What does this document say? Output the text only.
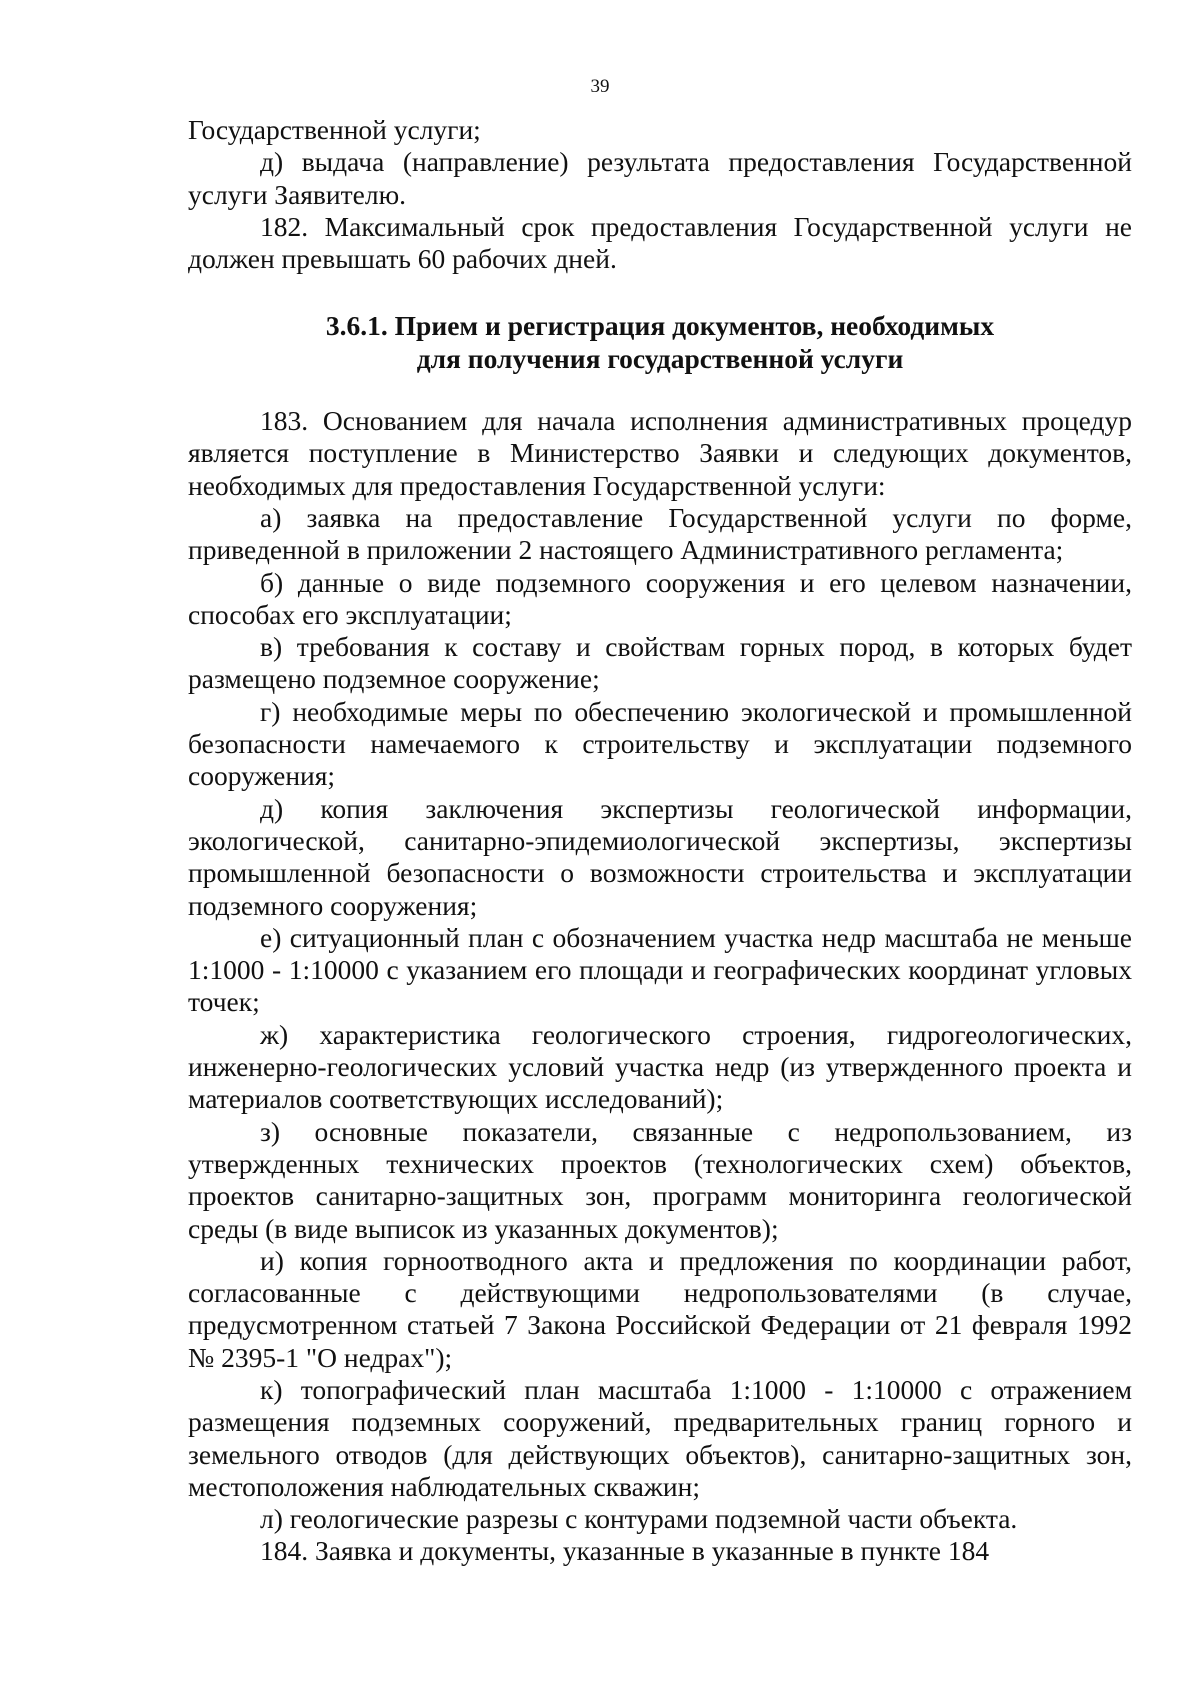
39

Государственной услуги;

д) выдача (направление) результата предоставления Государственной услуги Заявителю.

182. Максимальный срок предоставления Государственной услуги не должен превышать 60 рабочих дней.

3.6.1. Прием и регистрация документов, необходимых

для получения государственной услуги

183. Основанием для начала исполнения административных процедур является поступление в Министерство Заявки и следующих документов, необходимых для предоставления Государственной услуги:

а) заявка на предоставление Государственной услуги по форме, приведенной в приложении 2 настоящего Административного регламента;

б) данные о виде подземного сооружения и его целевом назначении, способах его эксплуатации;

в) требования к составу и свойствам горных пород, в которых будет размещено подземное сооружение;

г) необходимые меры по обеспечению экологической и промышленной безопасности намечаемого к строительству и эксплуатации подземного сооружения;

д) копия заключения экспертизы геологической информации, экологической, санитарно-эпидемиологической экспертизы, экспертизы промышленной безопасности о возможности строительства и эксплуатации подземного сооружения;

е) ситуационный план с обозначением участка недр масштаба не меньше 1:1000 - 1:10000 с указанием его площади и географических координат угловых точек;

ж) характеристика геологического строения, гидрогеологических, инженерно-геологических условий участка недр (из утвержденного проекта и материалов соответствующих исследований);

з) основные показатели, связанные с недропользованием, из утвержденных технических проектов (технологических схем) объектов, проектов санитарно-защитных зон, программ мониторинга геологической среды (в виде выписок из указанных документов);

и) копия горноотводного акта и предложения по координации работ, согласованные с действующими недропользователями (в случае, предусмотренном статьей 7 Закона Российской Федерации от 21 февраля 1992 № 2395-1 "О недрах");

к) топографический план масштаба 1:1000 - 1:10000 с отражением размещения подземных сооружений, предварительных границ горного и земельного отводов (для действующих объектов), санитарно-защитных зон, местоположения наблюдательных скважин;

л) геологические разрезы с контурами подземной части объекта.

184. Заявка и документы, указанные в указанные в пункте 184
